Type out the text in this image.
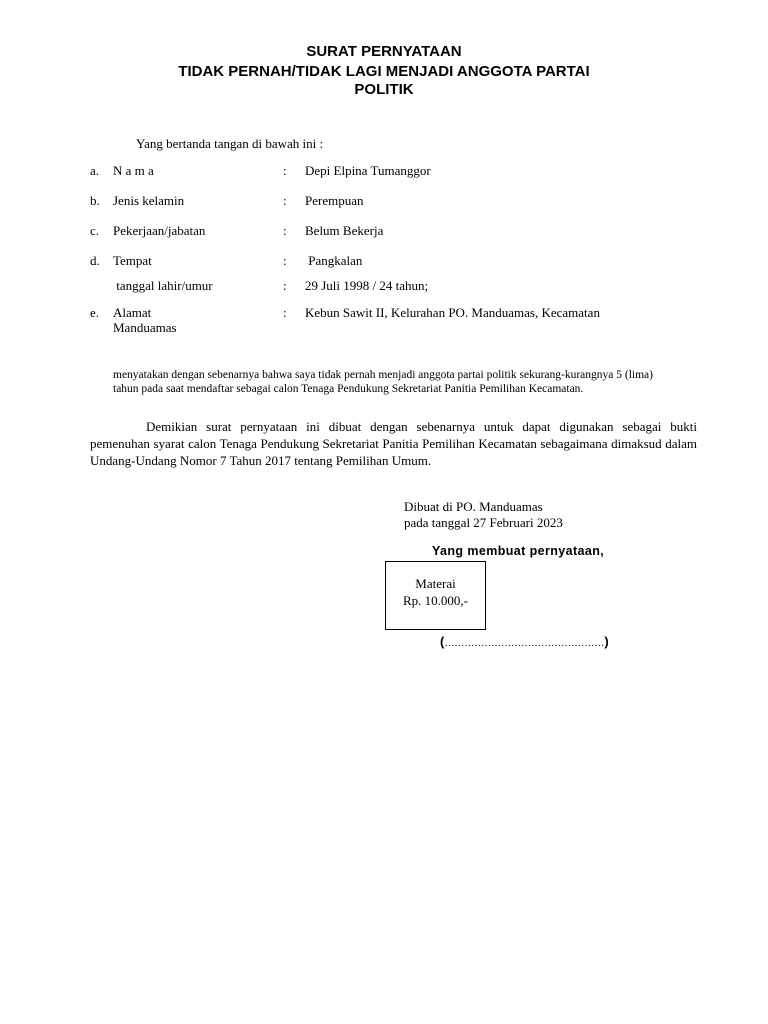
SURAT PERNYATAAN
TIDAK PERNAH/TIDAK LAGI MENJADI ANGGOTA PARTAI
POLITIK
Yang bertanda tangan di bawah ini :
a. N a m a	: Depi Elpina Tumanggor
b. Jenis kelamin	: Perempuan
c. Pekerjaan/jabatan	: Belum Bekerja
d. Tempat	: Pangkalan
tanggal lahir/umur	: 29 Juli 1998 / 24 tahun;
e. Alamat	: Kebun Sawit II, Kelurahan PO. Manduamas, Kecamatan
Manduamas
menyatakan dengan sebenarnya bahwa saya tidak pernah menjadi anggota partai politik sekurang-kurangnya 5 (lima) tahun pada saat mendaftar sebagai calon Tenaga Pendukung Sekretariat Panitia Pemilihan Kecamatan.
Demikian surat pernyataan ini dibuat dengan sebenarnya untuk dapat digunakan sebagai bukti pemenuhan syarat calon Tenaga Pendukung Sekretariat Panitia Pemilihan Kecamatan sebagaimana dimaksud dalam Undang-Undang Nomor 7 Tahun 2017 tentang Pemilihan Umum.
Dibuat di PO. Manduamas
pada tanggal 27 Februari 2023
Yang membuat pernyataan,
Materai
Rp. 10.000,-
(…………………………………………)
